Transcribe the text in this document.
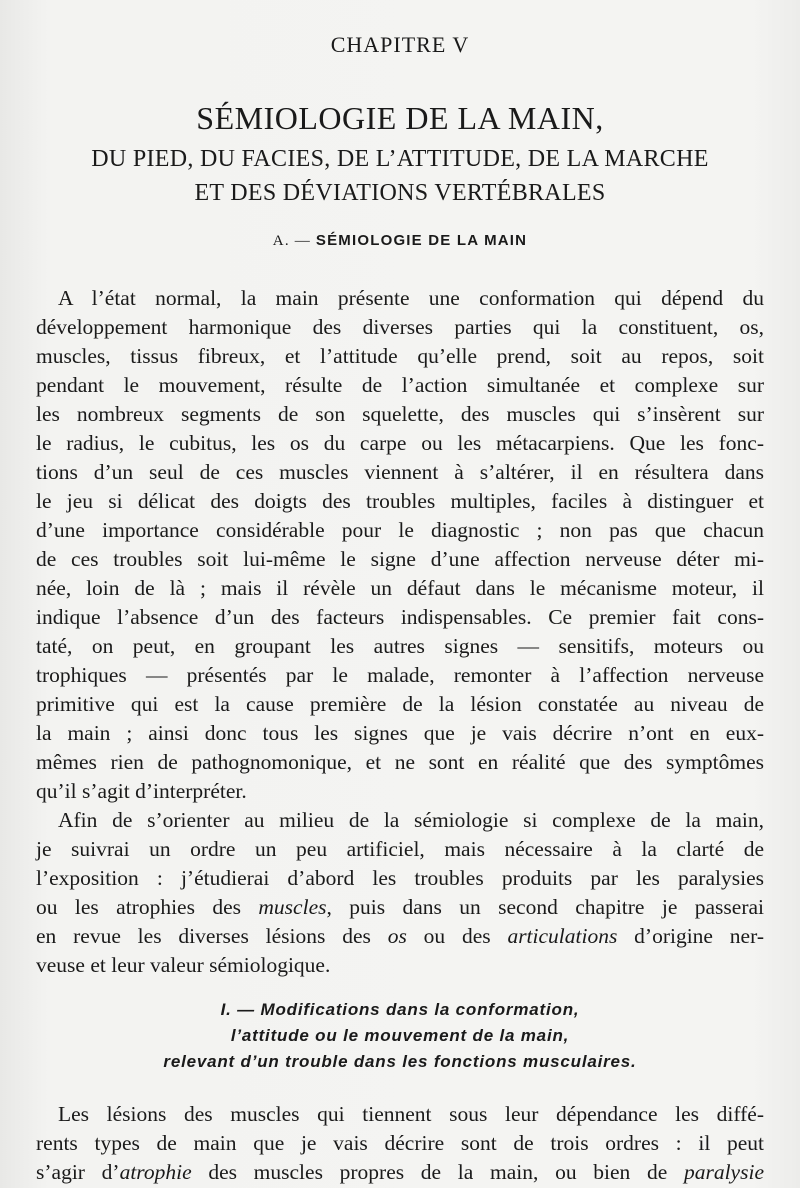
CHAPITRE V
SÉMIOLOGIE DE LA MAIN,
DU PIED, DU FACIES, DE L’ATTITUDE, DE LA MARCHE
ET DES DÉVIATIONS VERTÉBRALES
A. — SÉMIOLOGIE DE LA MAIN
A l’état normal, la main présente une conformation qui dépend du
développement harmonique des diverses parties qui la constituent, os,
muscles, tissus fibreux, et l’attitude qu’elle prend, soit au repos, soit
pendant le mouvement, résulte de l’action simultanée et complexe sur
les nombreux segments de son squelette, des muscles qui s’insèrent sur
le radius, le cubitus, les os du carpe ou les métacarpiens. Que les fonc-
tions d’un seul de ces muscles viennent à s’altérer, il en résultera dans
le jeu si délicat des doigts des troubles multiples, faciles à distinguer et
d’une importance considérable pour le diagnostic ; non pas que chacun
de ces troubles soit lui-même le signe d’une affection nerveuse déter mi-
née, loin de là ; mais il révèle un défaut dans le mécanisme moteur, il
indique l’absence d’un des facteurs indispensables. Ce premier fait cons-
taté, on peut, en groupant les autres signes — sensitifs, moteurs ou
trophiques — présentés par le malade, remonter à l’affection nerveuse
primitive qui est la cause première de la lésion constatée au niveau de
la main ; ainsi donc tous les signes que je vais décrire n’ont en eux-
mêmes rien de pathognomonique, et ne sont en réalité que des symptômes
qu’il s’agit d’interpréter.
Afin de s’orienter au milieu de la sémiologie si complexe de la main,
je suivrai un ordre un peu artificiel, mais nécessaire à la clarté de
l’exposition : j’étudierai d’abord les troubles produits par les paralysies
ou les atrophies des muscles, puis dans un second chapitre je passerai
en revue les diverses lésions des os ou des articulations d’origine ner-
veuse et leur valeur sémiologique.
I. — Modifications dans la conformation,
l’attitude ou le mouvement de la main,
relevant d’un trouble dans les fonctions musculaires.
Les lésions des muscles qui tiennent sous leur dépendance les diffé-
rents types de main que je vais décrire sont de trois ordres : il peut
s’agir d’atrophie des muscles propres de la main, ou bien de paralysie
